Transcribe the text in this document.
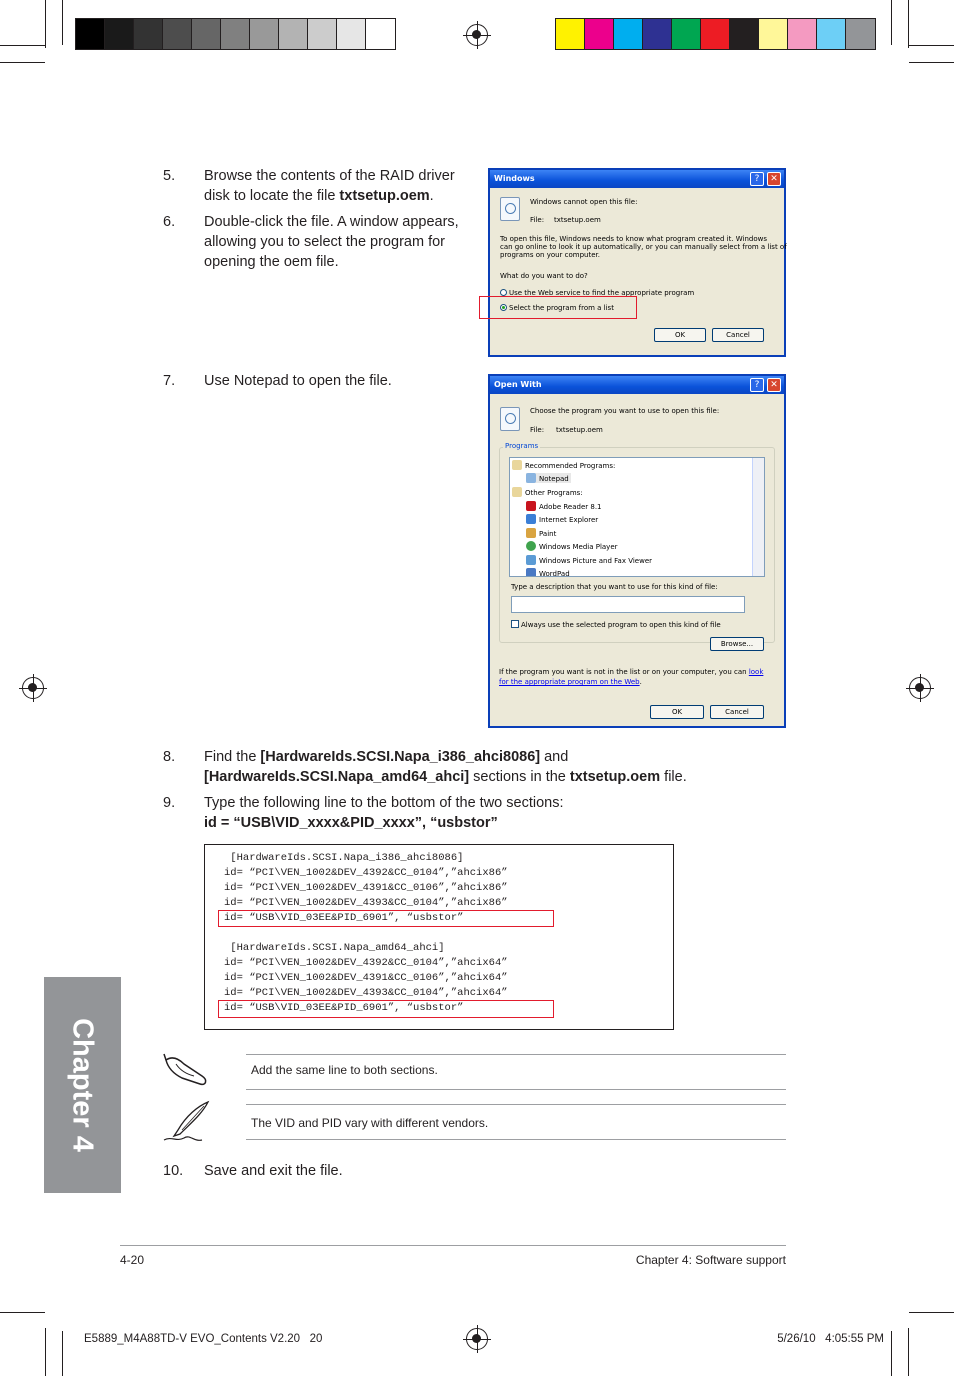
5. Browse the contents of the RAID driver
disk to locate the file txtsetup.oem.
6. Double-click the file. A window appears,
allowing you to select the program for
opening the oem file.
Windows	?	✕
Windows cannot open this file:
File: txtsetup.oem
To open this file, Windows needs to know what program created it. Windows
can go online to look it up automatically, or you can manually select from a list of
programs on your computer.
What do you want to do?
Use the Web service to find the appropriate program
Select the program from a list
OK	Cancel
7. Use Notepad to open the file.	Open With	?	✕
Choose the program you want to use to open this file:
File: txtsetup.oem
Programs
Recommended Programs:
Notepad
Other Programs:
Adobe Reader 8.1
Internet Explorer
Paint
Windows Media Player
Windows Picture and Fax Viewer
WordPad
Type a description that you want to use for this kind of file:
Always use the selected program to open this kind of file
Browse...
If the program you want is not in the list or on your computer, you can look
for the appropriate program on the Web.
OK	Cancel
8. Find the [HardwareIds.SCSI.Napa_i386_ahci8086] and
[HardwareIds.SCSI.Napa_amd64_ahci] sections in the txtsetup.oem file.
9. Type the following line to the bottom of the two sections:
id = “USB\VID_xxxx&PID_xxxx”, “usbstor”
[HardwareIds.SCSI.Napa_i386_ahci8086]
id= “PCI\VEN_1002&DEV_4392&CC_0104”,”ahcix86”
id= “PCI\VEN_1002&DEV_4391&CC_0106”,”ahcix86”
id= “PCI\VEN_1002&DEV_4393&CC_0104”,”ahcix86”
id= “USB\VID_03EE&PID_6901”, “usbstor”

[HardwareIds.SCSI.Napa_amd64_ahci]
id= “PCI\VEN_1002&DEV_4392&CC_0104”,”ahcix64”
id= “PCI\VEN_1002&DEV_4391&CC_0106”,”ahcix64”
id= “PCI\VEN_1002&DEV_4393&CC_0104”,”ahcix64”
id= “USB\VID_03EE&PID_6901”, “usbstor”
Add the same line to both sections.
The VID and PID vary with different vendors.
10. Save and exit the file.
Chapter 4
4-20	Chapter 4: Software support
E5889_M4A88TD-V EVO_Contents V2.20   20	5/26/10   4:05:55 PM
